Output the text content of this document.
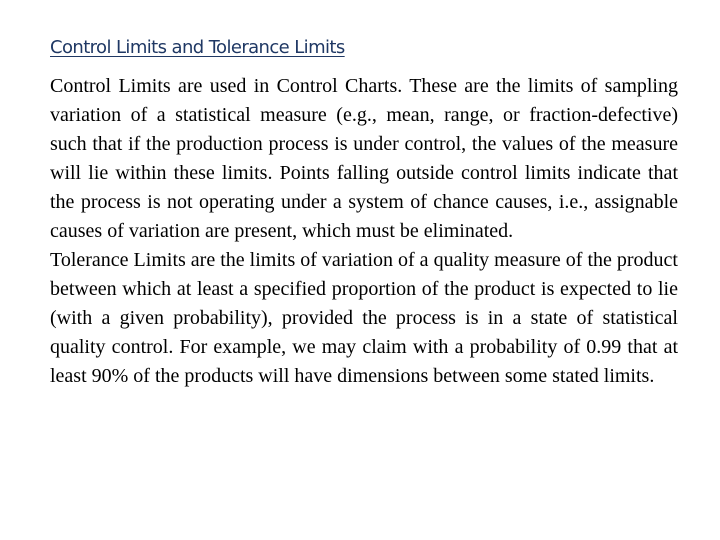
Control Limits and Tolerance Limits

Control Limits are used in Control Charts. These are the limits of sampling variation of a statistical measure (e.g., mean, range, or fraction-defective) such that if the production process is under control, the values of the measure will lie within these limits. Points falling outside control limits indicate that the process is not operating under a system of chance causes, i.e., assignable causes of variation are present, which must be eliminated.

Tolerance Limits are the limits of variation of a quality measure of the product between which at least a specified proportion of the product is expected to lie (with a given probability), provided the process is in a state of statistical quality control. For example, we may claim with a probability of 0.99 that at least 90% of the products will have dimensions between some stated limits.
